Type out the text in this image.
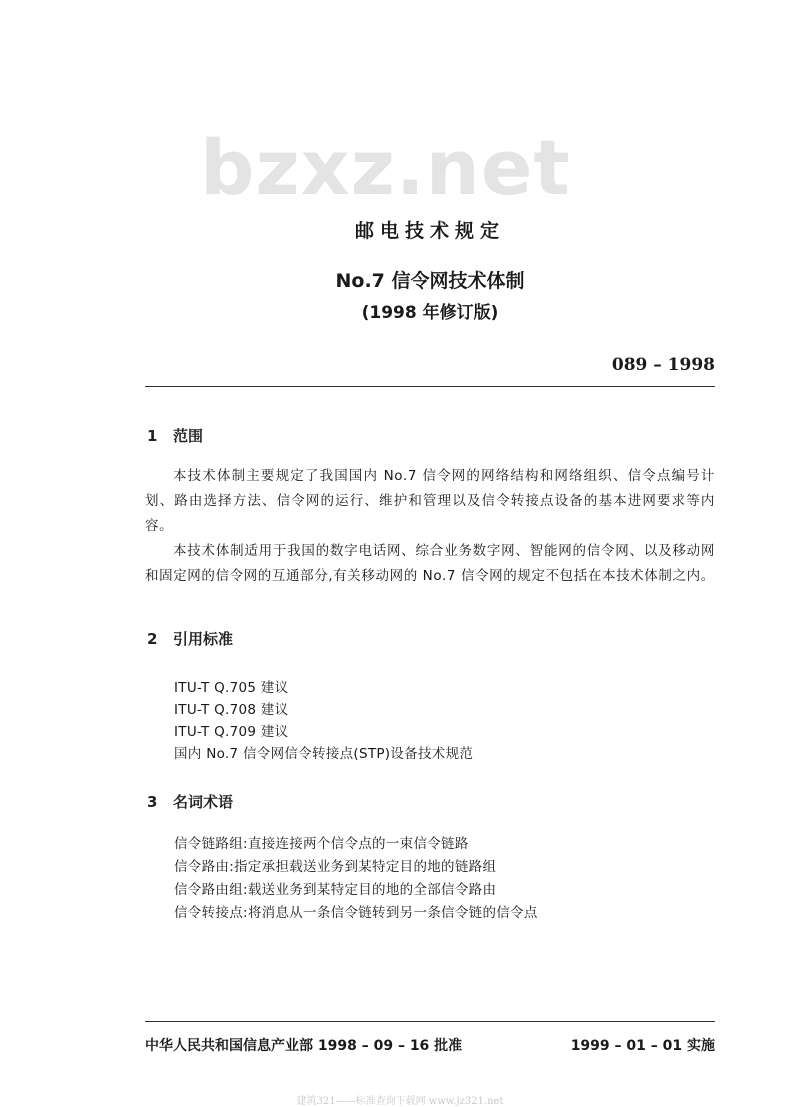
bzxz.net
邮电技术规定
No.7 信令网技术体制
(1998 年修订版)
089 – 1998
1 范围
本技术体制主要规定了我国国内 No.7 信令网的网络结构和网络组织、信令点编号计划、路由选择方法、信令网的运行、维护和管理以及信令转接点设备的基本进网要求等内容。
本技术体制适用于我国的数字电话网、综合业务数字网、智能网的信令网、以及移动网和固定网的信令网的互通部分,有关移动网的 No.7 信令网的规定不包括在本技术体制之内。
2 引用标准
ITU-T Q.705 建议
ITU-T Q.708 建议
ITU-T Q.709 建议
国内 No.7 信令网信令转接点(STP)设备技术规范
3 名词术语
信令链路组:直接连接两个信令点的一束信令链路
信令路由:指定承担载送业务到某特定目的地的链路组
信令路由组:载送业务到某特定目的地的全部信令路由
信令转接点:将消息从一条信令链转到另一条信令链的信令点
中华人民共和国信息产业部 1998 – 09 – 16 批准	1999 – 01 – 01 实施
建筑321——标准查询下载网 www.jz321.net
